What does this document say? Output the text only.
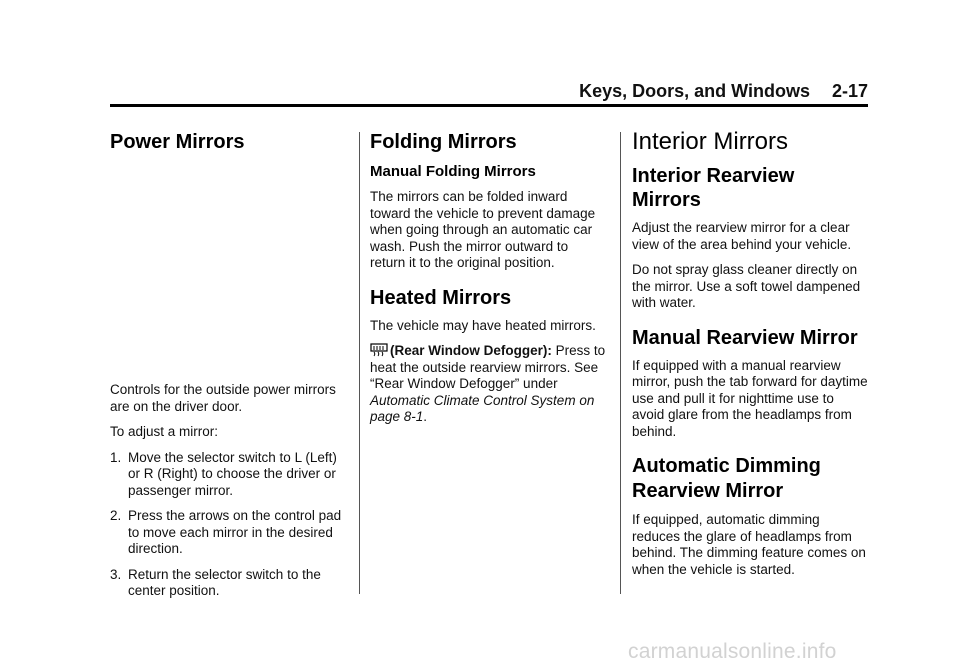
Keys, Doors, and Windows 2-17
Power Mirrors

Controls for the outside power mirrors are on the driver door.

To adjust a mirror:

1. Move the selector switch to L (Left) or R (Right) to choose the driver or passenger mirror.
2. Press the arrows on the control pad to move each mirror in the desired direction.
3. Return the selector switch to the center position.
Folding Mirrors
Manual Folding Mirrors

The mirrors can be folded inward toward the vehicle to prevent damage when going through an automatic car wash. Push the mirror outward to return it to the original position.

Heated Mirrors

The vehicle may have heated mirrors.

(Rear Window Defogger): Press to heat the outside rearview mirrors. See “Rear Window Defogger” under Automatic Climate Control System on page 8-1.

Interior Mirrors
Interior Rearview Mirrors

Adjust the rearview mirror for a clear view of the area behind your vehicle.

Do not spray glass cleaner directly on the mirror. Use a soft towel dampened with water.

Manual Rearview Mirror

If equipped with a manual rearview mirror, push the tab forward for daytime use and pull it for nighttime use to avoid glare from the headlamps from behind.

Automatic Dimming Rearview Mirror

If equipped, automatic dimming reduces the glare of headlamps from behind. The dimming feature comes on when the vehicle is started.

carmanualsonline.info
